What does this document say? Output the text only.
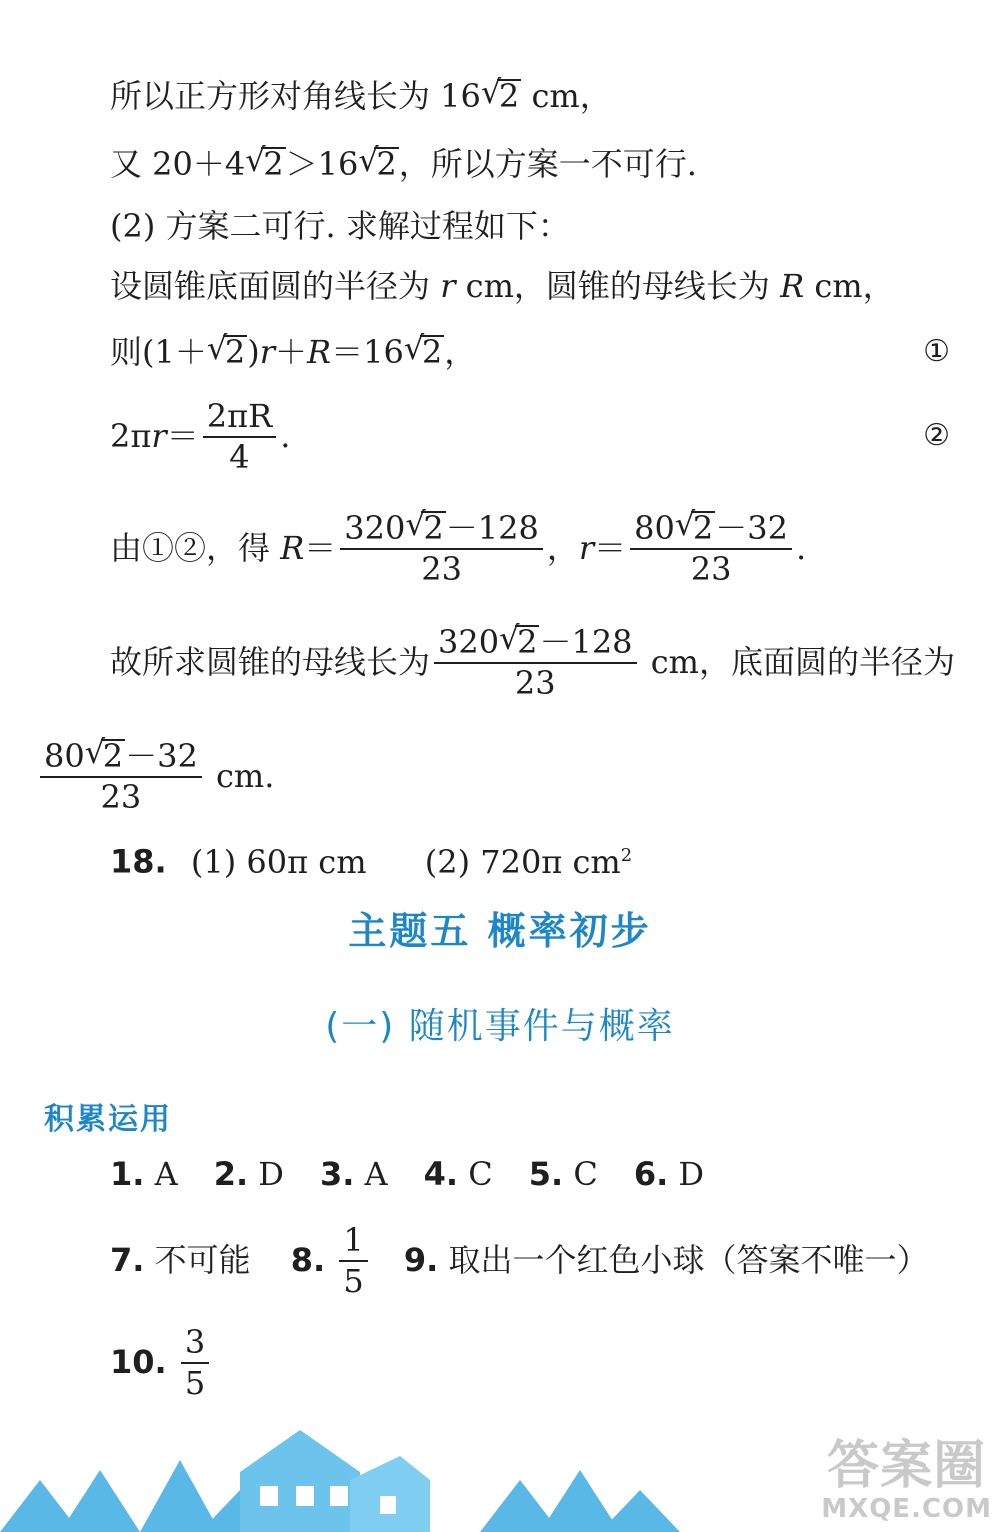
所以正方形对角线长为 16 √
2 cm，
又 20＋4 √
2＞16 √
2，所以方案一不可行.
(2) 方案二可行. 求解过程如下：
设圆锥底面圆的半径为 r cm，圆锥的母线长为 R cm，
则(1＋ √
2)r＋R＝16 √
2，	①
$2\pi r= \frac{2\pi R}{4}$ .	②
由①②，得 R＝ 320 √
2－128
23 ，r＝ 80 √
2－32
23 .
故所求圆锥的母线长为 320 √
2－128
23 cm，底面圆的半径为
80 √
2－32
23 cm.
18. (1) 60π cm (2) 720π $cm^2$
主题五 概率初步
(一) 随机事件与概率
积累运用
1. A 2. D 3. A 4. C 5. C 6. D
7. 不可能 8. $\frac{1}{5} 9$. 取出一个红色小球（答案不唯一）
10. $\frac{3}{5}$
答案圈
MXQE.COM
